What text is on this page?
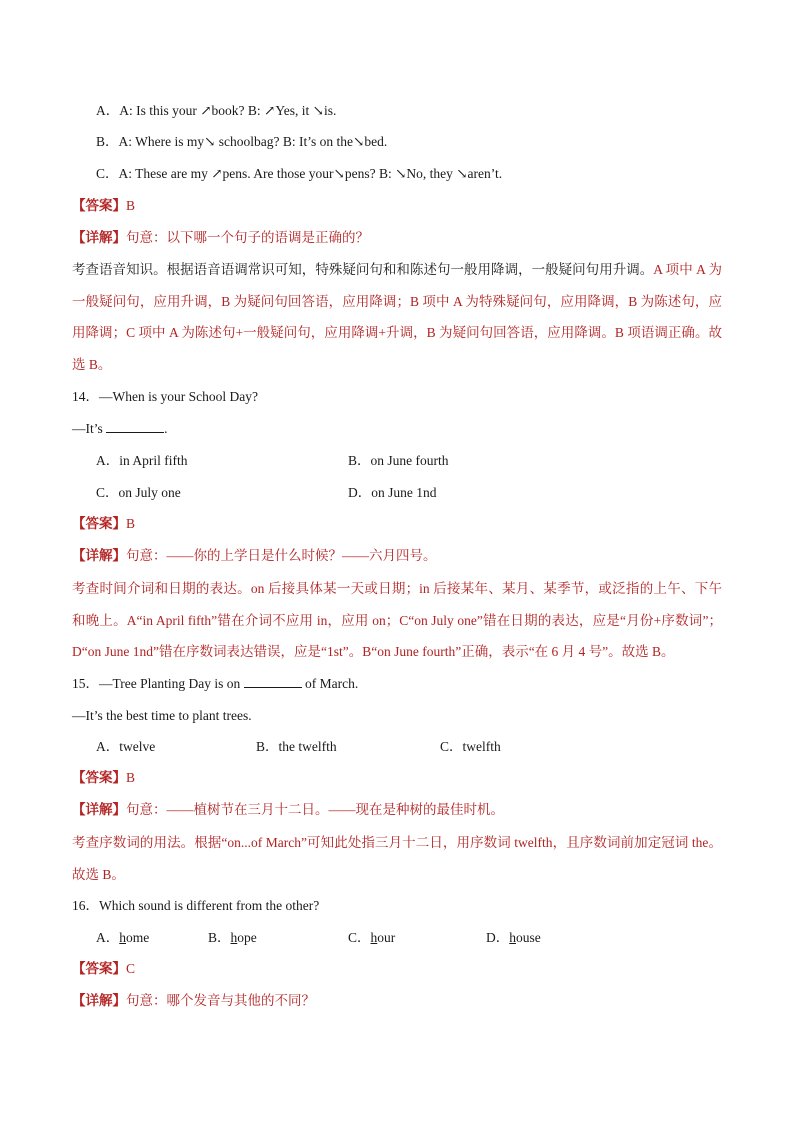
A．A: Is this your ↗book? B: ↗Yes, it ↘is.
B．A: Where is my↘ schoolbag? B: It’s on the↘bed.
C．A: These are my ↗pens. Are those your↘pens? B: ↘No, they ↘aren’t.
【答案】B
【详解】句意：以下哪一个句子的语调是正确的？
考查语音知识。根据语音语调常识可知，特殊疑问句和和陈述句一般用降调，一般疑问句用升调。A 项中 A 为 一般疑问句，应用升调，B 为疑问句回答语，应用降调；B 项中 A 为特殊疑问句，应用降调，B 为陈述句，应用降调；C 项中 A 为陈述句+一般疑问句，应用降调+升调，B 为疑问句回答语，应用降调。B 项语调正确。故选 B。
14．—When is your School Day?
—It’s	.
A．in April fifth	B．on June fourth
C．on July one	D．on June 1nd
【答案】B
【详解】句意：——你的上学日是什么时候？——六月四号。
考查时间介词和日期的表达。on 后接具体某一天或日期；in 后接某年、某月、某季节，或泛指的上午、下午和晚上。A“in April fifth”错在介词不应用 in，应用 on；C“on July one”错在日期的表达，应是“月份+序数词”；D“on June 1nd”错在序数词表达错误，应是“1st”。B“on June fourth”正确，表示“在 6 月 4 号”。故选 B。
15．—Tree Planting Day is on	of March.
—It’s the best time to plant trees.
A．twelve	B．the twelfth	C．twelfth
【答案】B
【详解】句意：——植树节在三月十二日。——现在是种树的最佳时机。
考查序数词的用法。根据“on...of March”可知此处指三月十二日，用序数词 twelfth，且序数词前加定冠词 the。故选 B。
16．Which sound is different from the other?
A．home	B．hope	C．hour	D．house
【答案】C
【详解】句意：哪个发音与其他的不同？
